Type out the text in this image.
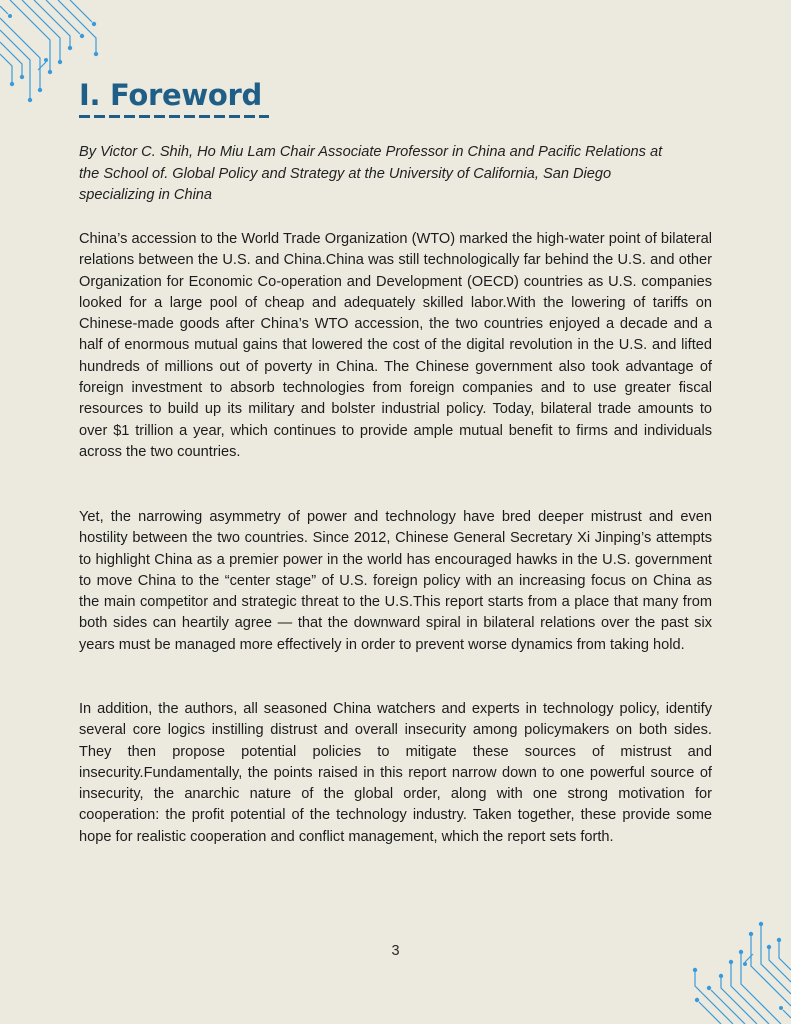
I. Foreword

By Victor C. Shih, Ho Miu Lam Chair Associate Professor in China and Pacific Relations at the School of. Global Policy and Strategy at the University of California, San Diego specializing in China

China’s accession to the World Trade Organization (WTO) marked the high-water point of bilateral relations between the U.S. and China.China was still technologically far behind the U.S. and other Organization for Economic Co-operation and Development (OECD) countries as U.S. companies looked for a large pool of cheap and adequately skilled labor.With the lowering of tariffs on Chinese-made goods after China’s WTO accession, the two countries enjoyed a decade and a half of enormous mutual gains that lowered the cost of the digital revolution in the U.S. and lifted hundreds of millions out of poverty in China. The Chinese government also took advantage of foreign investment to absorb technologies from foreign companies and to use greater fiscal resources to build up its military and bolster industrial policy. Today, bilateral trade amounts to over $1 trillion a year, which continues to provide ample mutual benefit to firms and individuals across the two countries.

Yet, the narrowing asymmetry of power and technology have bred deeper mistrust and even hostility between the two countries. Since 2012, Chinese General Secretary Xi Jinping’s attempts to highlight China as a premier power in the world has encouraged hawks in the U.S. government to move China to the “center stage” of U.S. foreign policy with an increasing focus on China as the main competitor and strategic threat to the U.S.This report starts from a place that many from both sides can heartily agree — that the downward spiral in bilateral relations over the past six years must be managed more effectively in order to prevent worse dynamics from taking hold.

In addition, the authors, all seasoned China watchers and experts in technology policy, identify several core logics instilling distrust and overall insecurity among policymakers on both sides. They then propose potential policies to mitigate these sources of mistrust and insecurity.Fundamentally, the points raised in this report narrow down to one powerful source of insecurity, the anarchic nature of the global order, along with one strong motivation for cooperation: the profit potential of the technology industry. Taken together, these provide some hope for realistic cooperation and conflict management, which the report sets forth.

3
